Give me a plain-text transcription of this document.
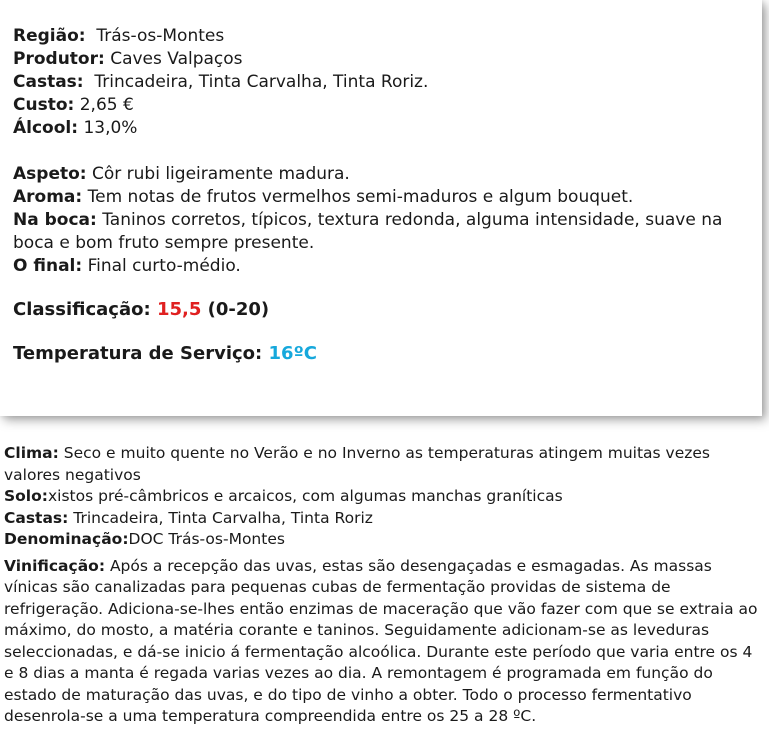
Região: Trás-os-Montes
Produtor: Caves Valpaços
Castas: Trincadeira, Tinta Carvalha, Tinta Roriz.
Custo: 2,65 €
Álcool: 13,0%
Aspeto: Côr rubi ligeiramente madura.
Aroma: Tem notas de frutos vermelhos semi-maduros e algum bouquet.
Na boca: Taninos corretos, típicos, textura redonda, alguma intensidade, suave na boca e bom fruto sempre presente.
O final: Final curto-médio.
Classificação: 15,5 (0-20)
Temperatura de Serviço: 16ºC

Clima: Seco e muito quente no Verão e no Inverno as temperaturas atingem muitas vezes valores negativos

Solo:xistos pré-câmbricos e arcaicos, com algumas manchas graníticas

Castas: Trincadeira, Tinta Carvalha, Tinta Roriz

Denominação:DOC Trás-os-Montes

Vinificação: Após a recepção das uvas, estas são desengaçadas e esmagadas. As massas vínicas são canalizadas para pequenas cubas de fermentação providas de sistema de refrigeração. Adiciona-se-lhes então enzimas de maceração que vão fazer com que se extraia ao máximo, do mosto, a matéria corante e taninos. Seguidamente adicionam-se as leveduras seleccionadas, e dá-se inicio á fermentação alcoólica. Durante este período que varia entre os 4 e 8 dias a manta é regada varias vezes ao dia. A remontagem é programada em função do estado de maturação das uvas, e do tipo de vinho a obter. Todo o processo fermentativo desenrola-se a uma temperatura compreendida entre os 25 a 28 ºC.
